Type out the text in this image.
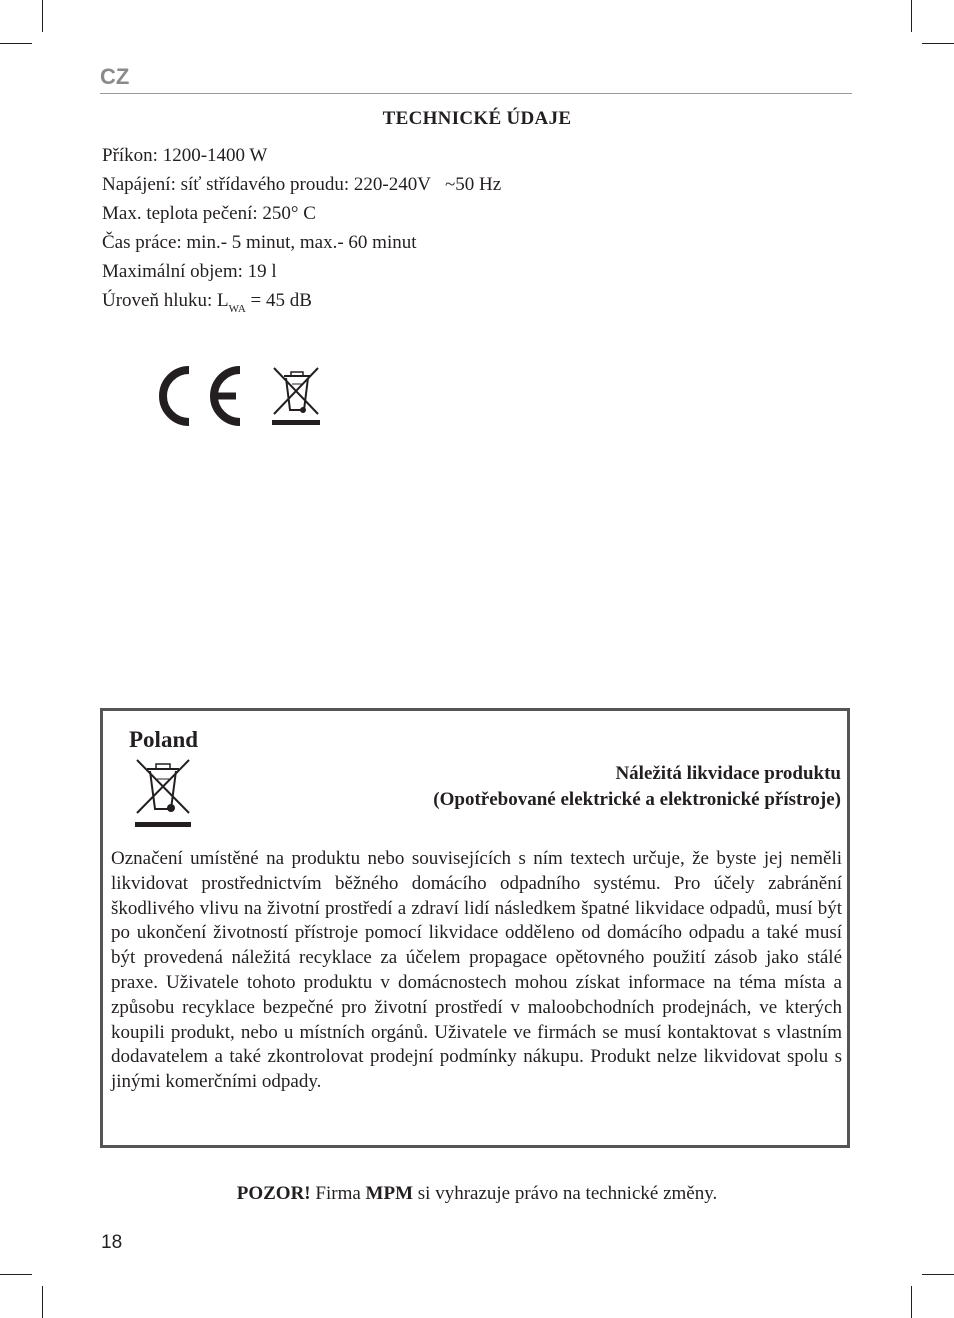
CZ
TECHNICKÉ ÚDAJE
Příkon: 1200-1400 W
Napájení: síť střídavého proudu: 220-240V ~50 Hz
Max. teplota pečení: 250° C
Čas práce: min.- 5 minut, max.- 60 minut
Maximální objem: 19 l
Úroveň hluku: $L_{WA} = 45$ dB
Poland
Náležitá likvidace produktu
(Opotřebované elektrické a elektronické přístroje)
Označení umístěné na produktu nebo souvisejících s ním textech určuje, že byste jej neměli likvidovat prostřednictvím běžného domácího odpadního systému. Pro účely zabránění škodlivého vlivu na životní prostředí a zdraví lidí následkem špatné likvidace odpadů, musí být po ukončení životností přístroje pomocí likvidace odděleno od domácího odpadu a také musí být provedená náležitá recyklace za účelem propagace opětovného použití zásob jako stálé praxe. Uživatele tohoto produktu v domácnostech mohou získat informace na téma místa a způsobu recyklace bezpečné pro životní prostředí v maloobchodních prodejnách, ve kterých koupili produkt, nebo u místních orgánů. Uživatele ve firmách se musí kontaktovat s vlastním dodavatelem a také zkontrolovat prodejní podmínky nákupu. Produkt nelze likvidovat spolu s jinými komerčními odpady.
POZOR! Firma MPM si vyhrazuje právo na technické změny.
18
